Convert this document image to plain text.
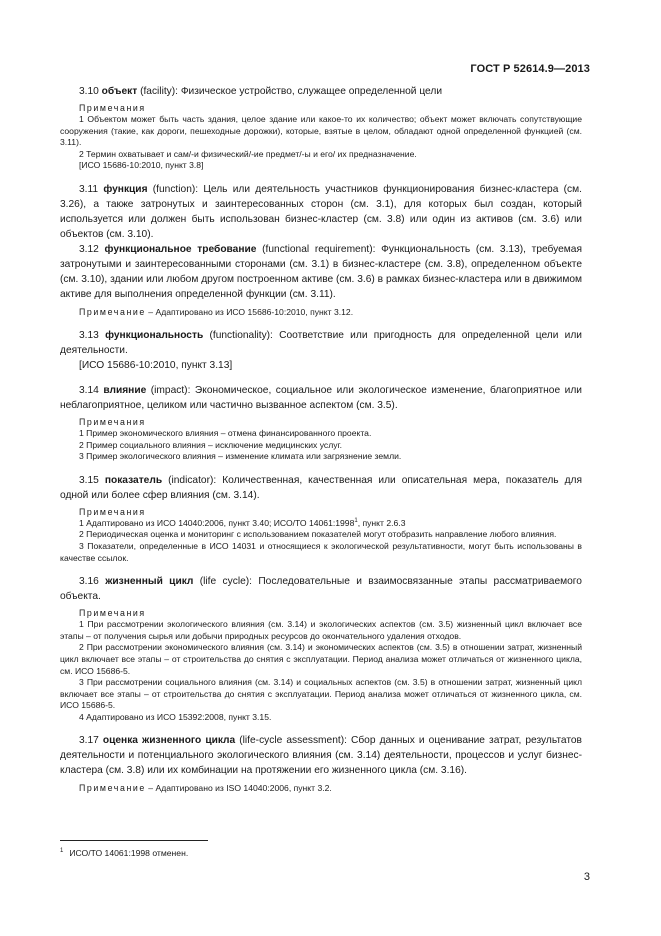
ГОСТ Р 52614.9—2013

3.10 объект (facility): Физическое устройство, служащее определенной цели

Примечания

1 Объектом может быть часть здания, целое здание или какое-то их количество; объект может включать сопутствующие сооружения (такие, как дороги, пешеходные дорожки), которые, взятые в целом, обладают одной определенной функцией (см. 3.11).

2 Термин охватывает и сам/-и физический/-ие предмет/-ы и его/ их предназначение.

[ИСО 15686-10:2010, пункт 3.8]

3.11 функция (function): Цель или деятельность участников функционирования бизнес-кластера (см. 3.26), а также затронутых и заинтересованных сторон (см. 3.1), для которых был создан, который используется или должен быть использован бизнес-кластер (см. 3.8) или один из активов (см. 3.6) или объектов (см. 3.10).

3.12 функциональное требование (functional requirement): Функциональность (см. 3.13), требуемая затронутыми и заинтересованными сторонами (см. 3.1) в бизнес-кластере (см. 3.8), определенном объекте (см. 3.10), здании или любом другом построенном активе (см. 3.6) в рамках бизнес-кластера или в движимом активе для выполнения определенной функции (см. 3.11).

Примечание – Адаптировано из ИСО 15686-10:2010, пункт 3.12.

3.13 функциональность (functionality): Соответствие или пригодность для определенной цели или деятельности.

[ИСО 15686-10:2010, пункт 3.13]

3.14 влияние (impact): Экономическое, социальное или экологическое изменение, благоприятное или неблагоприятное, целиком или частично вызванное аспектом (см. 3.5).

Примечания

1 Пример экономического влияния – отмена финансированного проекта.

2 Пример социального влияния – исключение медицинских услуг.

3 Пример экологического влияния – изменение климата или загрязнение земли.

3.15 показатель (indicator): Количественная, качественная или описательная мера, показатель для одной или более сфер влияния (см. 3.14).

Примечания

1 Адаптировано из ИСО 14040:2006, пункт 3.40; ИСО/ТО 14061:1998$^1$, пункт 2.6.3

2 Периодическая оценка и мониторинг с использованием показателей могут отобразить направление любого влияния.

3 Показатели, определенные в ИСО 14031 и относящиеся к экологической результативности, могут быть использованы в качестве ссылок.

3.16 жизненный цикл (life cycle): Последовательные и взаимосвязанные этапы рассматриваемого объекта.

Примечания

1 При рассмотрении экологического влияния (см. 3.14) и экологических аспектов (см. 3.5) жизненный цикл включает все этапы – от получения сырья или добычи природных ресурсов до окончательного удаления отходов.

2 При рассмотрении экономического влияния (см. 3.14) и экономических аспектов (см. 3.5) в отношении затрат, жизненный цикл включает все этапы – от строительства до снятия с эксплуатации. Период анализа может отличаться от жизненного цикла, см. ИСО 15686-5.

3 При рассмотрении социального влияния (см. 3.14) и социальных аспектов (см. 3.5) в отношении затрат, жизненный цикл включает все этапы – от строительства до снятия с эксплуатации. Период анализа может отличаться от жизненного цикла, см. ИСО 15686-5.

4 Адаптировано из ИСО 15392:2008, пункт 3.15.

3.17 оценка жизненного цикла (life-cycle assessment): Сбор данных и оценивание затрат, результатов деятельности и потенциального экологического влияния (см. 3.14) деятельности, процессов и услуг бизнес-кластера (см. 3.8) или их комбинации на протяжении его жизненного цикла (см. 3.16).

Примечание – Адаптировано из ISO 14040:2006, пункт 3.2.

$^1$ ИСО/ТО 14061:1998 отменен.
3
